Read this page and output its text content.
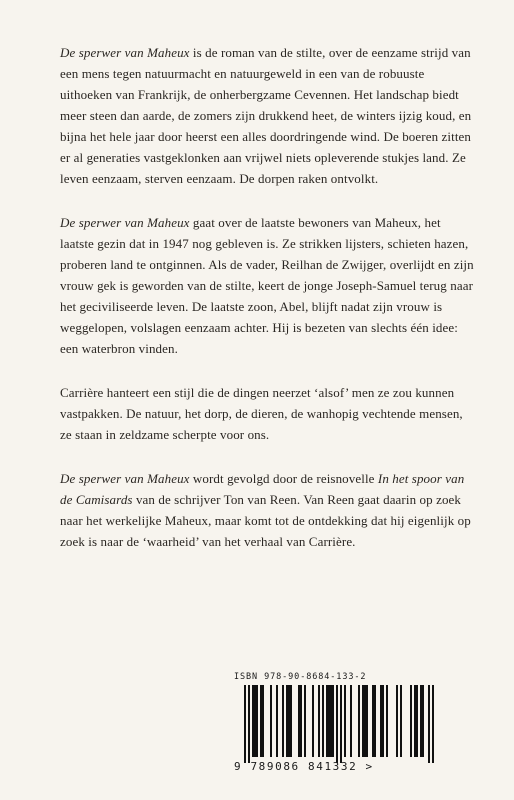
De sperwer van Maheux is de roman van de stilte, over de eenzame strijd van een mens tegen natuurmacht en natuurgeweld in een van de robuuste uithoeken van Frankrijk, de onherbergzame Cevennen. Het landschap biedt meer steen dan aarde, de zomers zijn drukkend heet, de winters ijzig koud, en bijna het hele jaar door heerst een alles doordringende wind. De boeren zitten er al generaties vastgeklonken aan vrijwel niets opleverende stukjes land. Ze leven eenzaam, sterven eenzaam. De dorpen raken ontvolkt.

De sperwer van Maheux gaat over de laatste bewoners van Maheux, het laatste gezin dat in 1947 nog gebleven is. Ze strikken lijsters, schieten hazen, proberen land te ontginnen. Als de vader, Reilhan de Zwijger, overlijdt en zijn vrouw gek is geworden van de stilte, keert de jonge Joseph-Samuel terug naar het geciviliseerde leven. De laatste zoon, Abel, blijft nadat zijn vrouw is weggelopen, volslagen eenzaam achter. Hij is bezeten van slechts één idee: een waterbron vinden.

Carrière hanteert een stijl die de dingen neerzet ‘alsof’ men ze zou kunnen vastpakken. De natuur, het dorp, de dieren, de wanhopig vechtende mensen, ze staan in zeldzame scherpte voor ons.

De sperwer van Maheux wordt gevolgd door de reisnovelle In het spoor van de Camisards van de schrijver Ton van Reen. Van Reen gaat daarin op zoek naar het werkelijke Maheux, maar komt tot de ontdekking dat hij eigenlijk op zoek is naar de ‘waarheid’ van het verhaal van Carrière.

ISBN 978-90-8684-133-2
9 789086 841332 >
